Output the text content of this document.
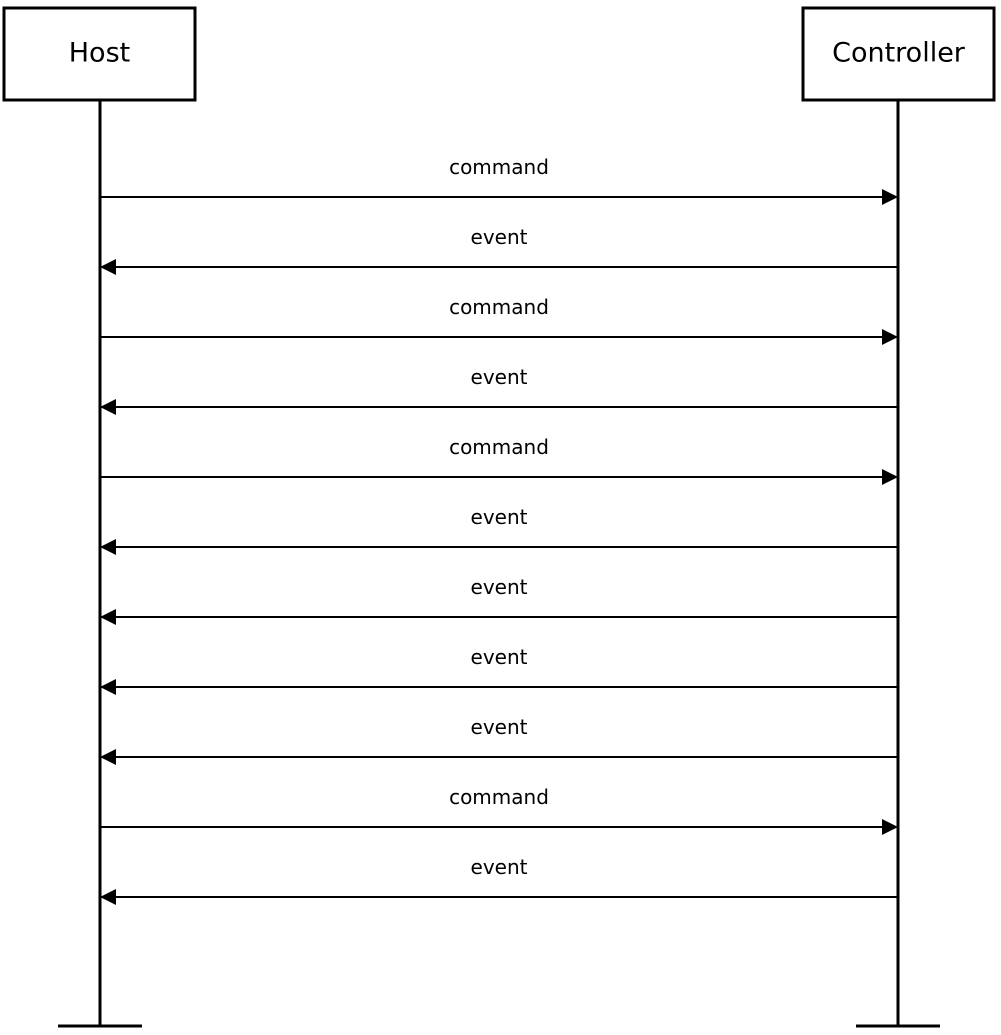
Host	Controller
command
event
command
event
command
event
event
event
event
command
event
